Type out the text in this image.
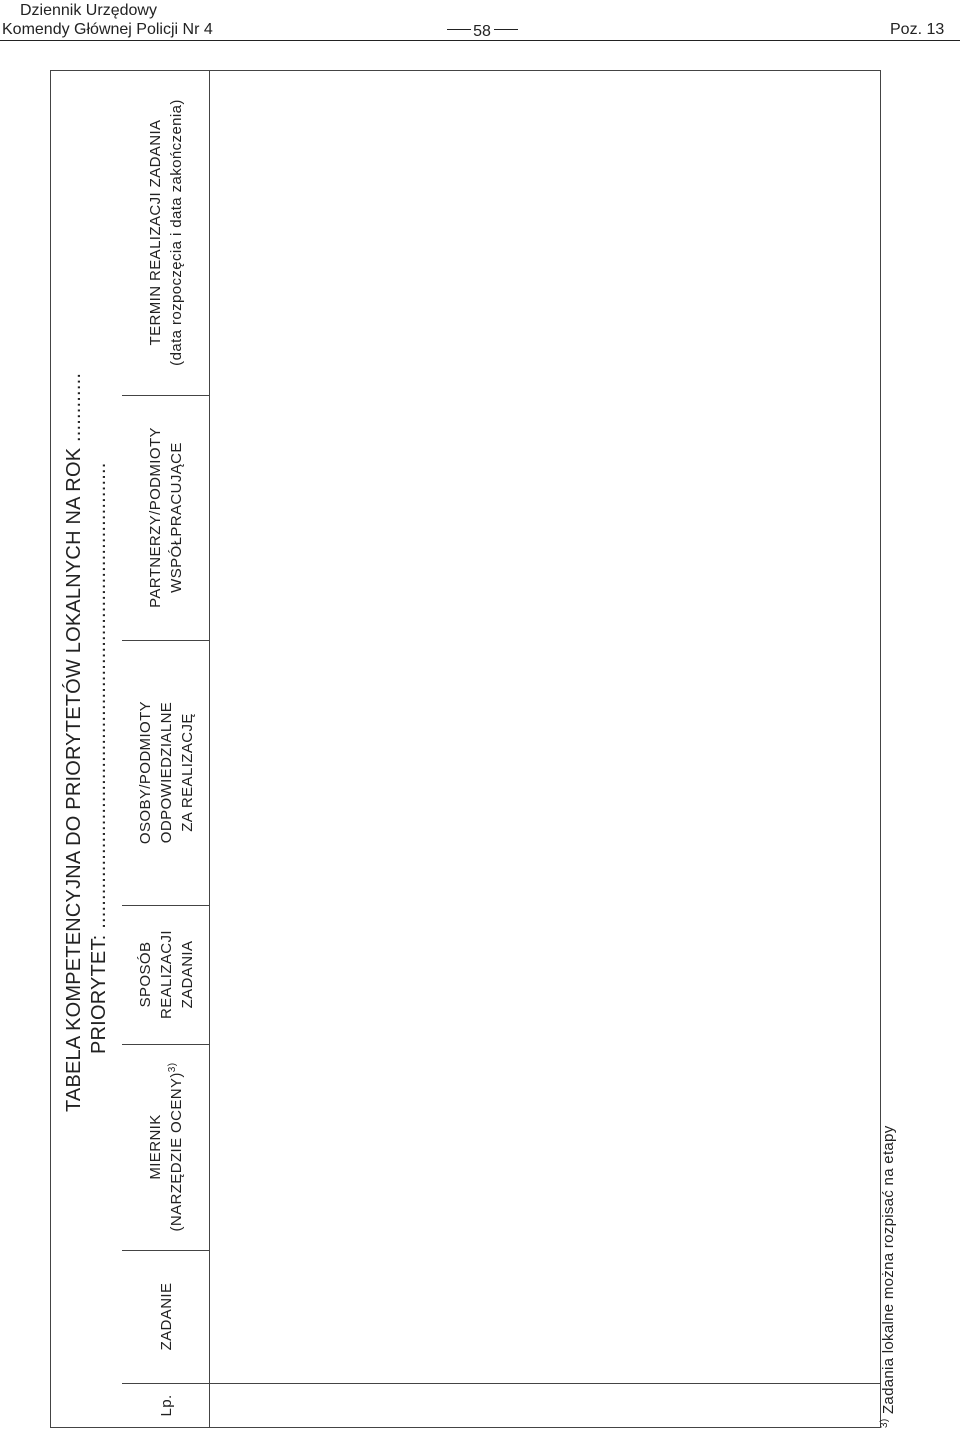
Dziennik Urzędowy
Komendy Głównej Policji Nr 4	58	Poz. 13
TABELA KOMPETENCYJNA DO PRIORYTETÓW LOKALNYCH NA ROK ............ PRIORYTET: .................................................................................
Lp.
ZADANIE
MIERNIK (NARZĘDZIE OCENY)$^{3)}$
SPOSÓB REALIZACJI ZADANIA
OSOBY/PODMIOTY ODPOWIEDZIALNE ZA REALIZACJĘ
PARTNERZY/PODMIOTY WSPÓŁPRACUJĄCE
TERMIN REALIZACJI ZADANIA (data rozpoczęcia i data zakończenia)
$^{3)}$ Zadania lokalne można rozpisać na etapy
